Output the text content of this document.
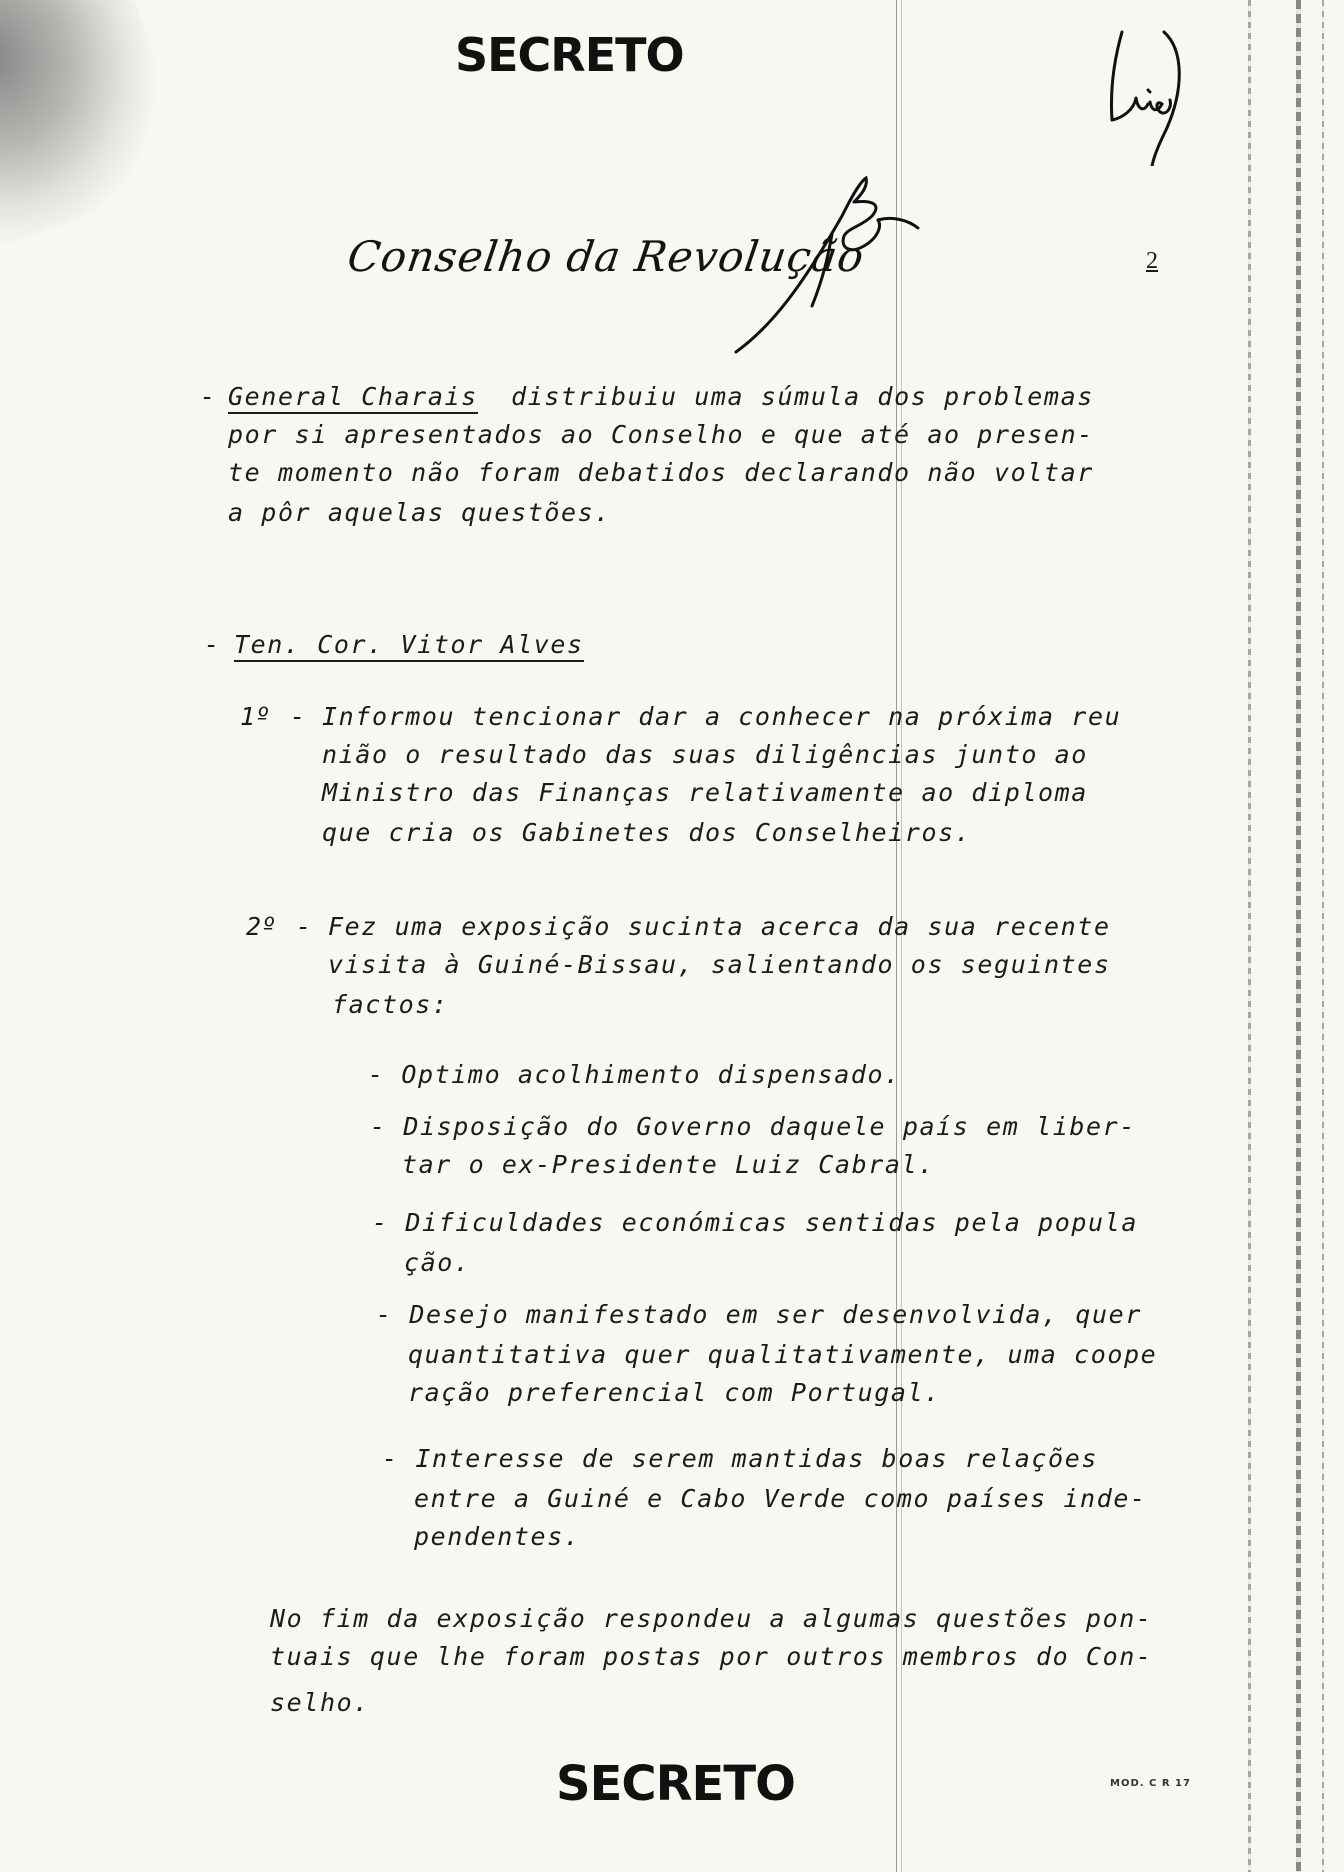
SECRETO
Conselho da Revolução	2
-
General Charais distribuiu uma súmula dos problemas
por si apresentados ao Conselho e que até ao presen-
te momento não foram debatidos declarando não voltar
a pôr aquelas questões.
-
Ten. Cor. Vitor Alves
1º -
Informou tencionar dar a conhecer na próxima reu
nião o resultado das suas diligências junto ao
Ministro das Finanças relativamente ao diploma
que cria os Gabinetes dos Conselheiros.
2º -
Fez uma exposição sucinta acerca da sua recente
visita à Guiné-Bissau, salientando os seguintes
factos:
- Optimo acolhimento dispensado.
- Disposição do Governo daquele país em liber-
tar o ex-Presidente Luiz Cabral.
- Dificuldades económicas sentidas pela popula
ção.
- Desejo manifestado em ser desenvolvida, quer
quantitativa quer qualitativamente, uma coope
ração preferencial com Portugal.
- Interesse de serem mantidas boas relações
entre a Guiné e Cabo Verde como países inde-
pendentes.
No fim da exposição respondeu a algumas questões pon-
tuais que lhe foram postas por outros membros do Con-
selho.
SECRETO	MOD. C R 17
